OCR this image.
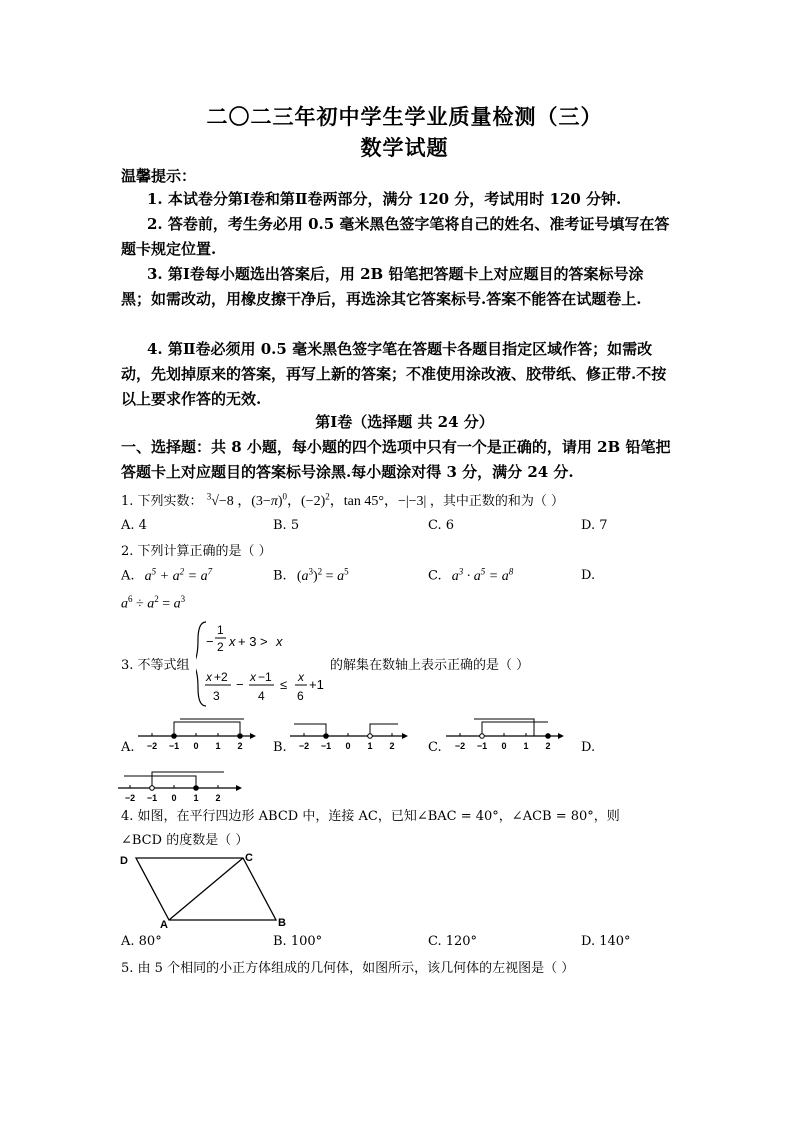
二〇二三年初中学生学业质量检测（三）
数学试题
温馨提示：
1. 本试卷分第Ⅰ卷和第Ⅱ卷两部分，满分 120 分，考试用时 120 分钟.
2. 答卷前，考生务必用 0.5 毫米黑色签字笔将自己的姓名、准考证号填写在答题卡规定位置.
3. 第Ⅰ卷每小题选出答案后，用 2B 铅笔把答题卡上对应题目的答案标号涂黑；如需改动，用橡皮擦干净后，再选涂其它答案标号.答案不能答在试题卷上.
4. 第Ⅱ卷必须用 0.5 毫米黑色签字笔在答题卡各题目指定区域作答；如需改动，先划掉原来的答案，再写上新的答案；不准使用涂改液、胶带纸、修正带.不按以上要求作答的无效.
第Ⅰ卷（选择题 共 24 分）
一、选择题：共 8 小题，每小题的四个选项中只有一个是正确的，请用 2B 铅笔把答题卡上对应题目的答案标号涂黑.每小题涂对得 3 分，满分 24 分.
1. 下列实数： $^3$√−8 ，$(3-\pi)^0$，$(-2)^2$，tan 45°，−|−3| ，其中正数的和为（ ）
A. 4	B. 5	C. 6	D. 7
2. 下列计算正确的是（ ）
A. $a^5 + a^2 = a^7$	B. $(a^3)^2 = a^5$	C. $a^3 \cdot a^5 = a^8$	D.
$a^6 \div a^2 = a^3$
3. 不等式组
−
1
2 x + 3 > x
x +2
3
− x −1
4
≤ x
6
+1
的解集在数轴上表示正确的是（ ）
A.	B.	C.	D.
−2 −1 0 1 2	−2 −1 0 1 2	−2 −1 0 1 2
−2 −1 0 1 2
4. 如图，在平行四边形 ABCD 中，连接 AC，已知∠BAC = 40°，∠ACB = 80°，则
∠BCD 的度数是（ ）
D	C
A	B
A. 80°	B. 100°	C. 120°	D. 140°
5. 由 5 个相同的小正方体组成的几何体，如图所示，该几何体的左视图是（ ）
